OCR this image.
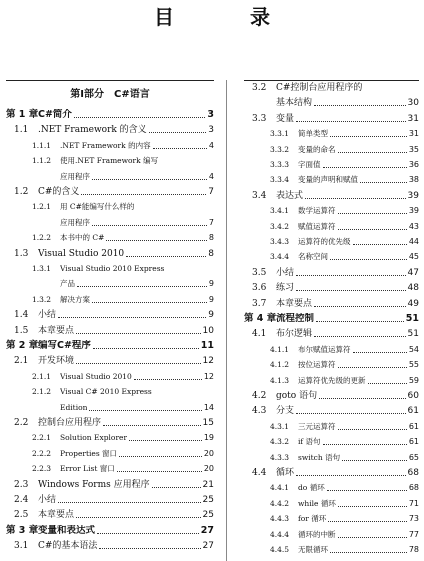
目　录
第Ⅰ部分　C#语言
第 1 章 C#简介	3
1.1	.NET Framework 的含义	3
1.1.1	.NET Framework 的内容	4
1.1.2	使用.NET Framework 编写
应用程序	4
1.2	C#的含义	7
1.2.1	用 C#能编写什么样的
应用程序	7
1.2.2	本书中的 C#	8
1.3	Visual Studio 2010	8
1.3.1	Visual Studio 2010 Express
产品	9
1.3.2	解决方案	9
1.4	小结	9
1.5	本章要点	10
第 2 章 编写C#程序	11
2.1	开发环境	12
2.1.1	Visual Studio 2010	12
2.1.2	Visual C# 2010 Express
Edition	14
2.2	控制台应用程序	15
2.2.1	Solution Explorer	19
2.2.2	Properties 窗口	20
2.2.3	Error List 窗口	20
2.3	Windows Forms 应用程序	21
2.4	小结	25
2.5	本章要点	25
第 3 章 变量和表达式	27
3.1	C#的基本语法	27
3.2	C#控制台应用程序的
基本结构	30
3.3	变量	31
3.3.1	简单类型	31
3.3.2	变量的命名	35
3.3.3	字面值	36
3.3.4	变量的声明和赋值	38
3.4	表达式	39
3.4.1	数学运算符	39
3.4.2	赋值运算符	43
3.4.3	运算符的优先级	44
3.4.4	名称空间	45
3.5	小结	47
3.6	练习	48
3.7	本章要点	49
第 4 章 流程控制	51
4.1	布尔逻辑	51
4.1.1	布尔赋值运算符	54
4.1.2	按位运算符	55
4.1.3	运算符优先级的更新	59
4.2	goto 语句	60
4.3	分支	61
4.3.1	三元运算符	61
4.3.2	if 语句	61
4.3.3	switch 语句	65
4.4	循环	68
4.4.1	do 循环	68
4.4.2	while 循环	71
4.4.3	for 循环	73
4.4.4	循环的中断	77
4.4.5	无限循环	78
